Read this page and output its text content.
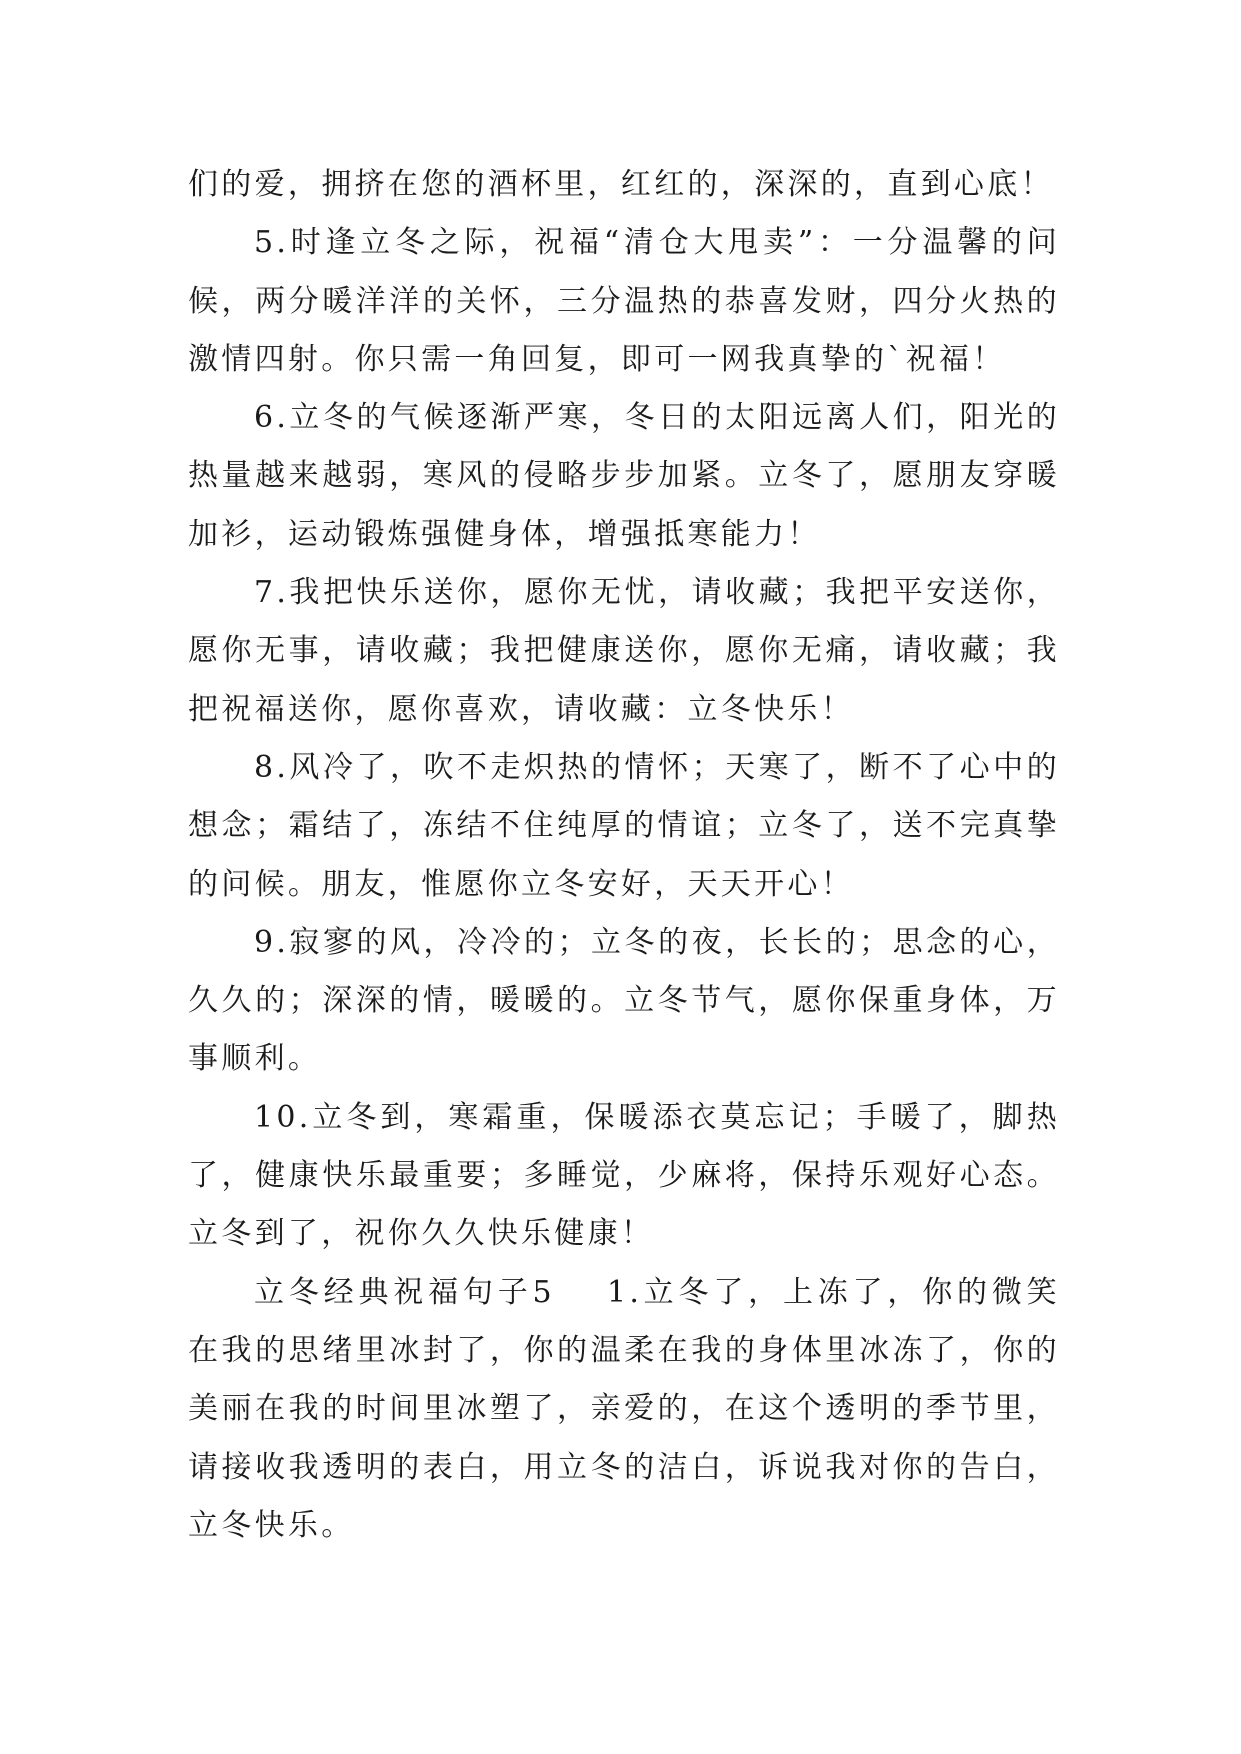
们的爱，拥挤在您的酒杯里，红红的，深深的，直到心底！

5.时逢立冬之际，祝福“清仓大甩卖”：一分温馨的问候，两分暖洋洋的关怀，三分温热的恭喜发财，四分火热的激情四射。你只需一角回复，即可一网我真挚的`祝福！

6.立冬的气候逐渐严寒，冬日的太阳远离人们，阳光的热量越来越弱，寒风的侵略步步加紧。立冬了，愿朋友穿暖加衫，运动锻炼强健身体，增强抵寒能力！

7.我把快乐送你，愿你无忧，请收藏；我把平安送你，愿你无事，请收藏；我把健康送你，愿你无痛，请收藏；我把祝福送你，愿你喜欢，请收藏：立冬快乐！

8.风冷了，吹不走炽热的情怀；天寒了，断不了心中的想念；霜结了，冻结不住纯厚的情谊；立冬了，送不完真挚的问候。朋友，惟愿你立冬安好，天天开心！

9.寂寥的风，冷冷的；立冬的夜，长长的；思念的心，久久的；深深的情，暖暖的。立冬节气，愿你保重身体，万事顺利。

10.立冬到，寒霜重，保暖添衣莫忘记；手暖了，脚热了，健康快乐最重要；多睡觉，少麻将，保持乐观好心态。立冬到了，祝你久久快乐健康！

立冬经典祝福句子5 1.立冬了，上冻了，你的微笑在我的思绪里冰封了，你的温柔在我的身体里冰冻了，你的美丽在我的时间里冰塑了，亲爱的，在这个透明的季节里，请接收我透明的表白，用立冬的洁白，诉说我对你的告白，立冬快乐。
